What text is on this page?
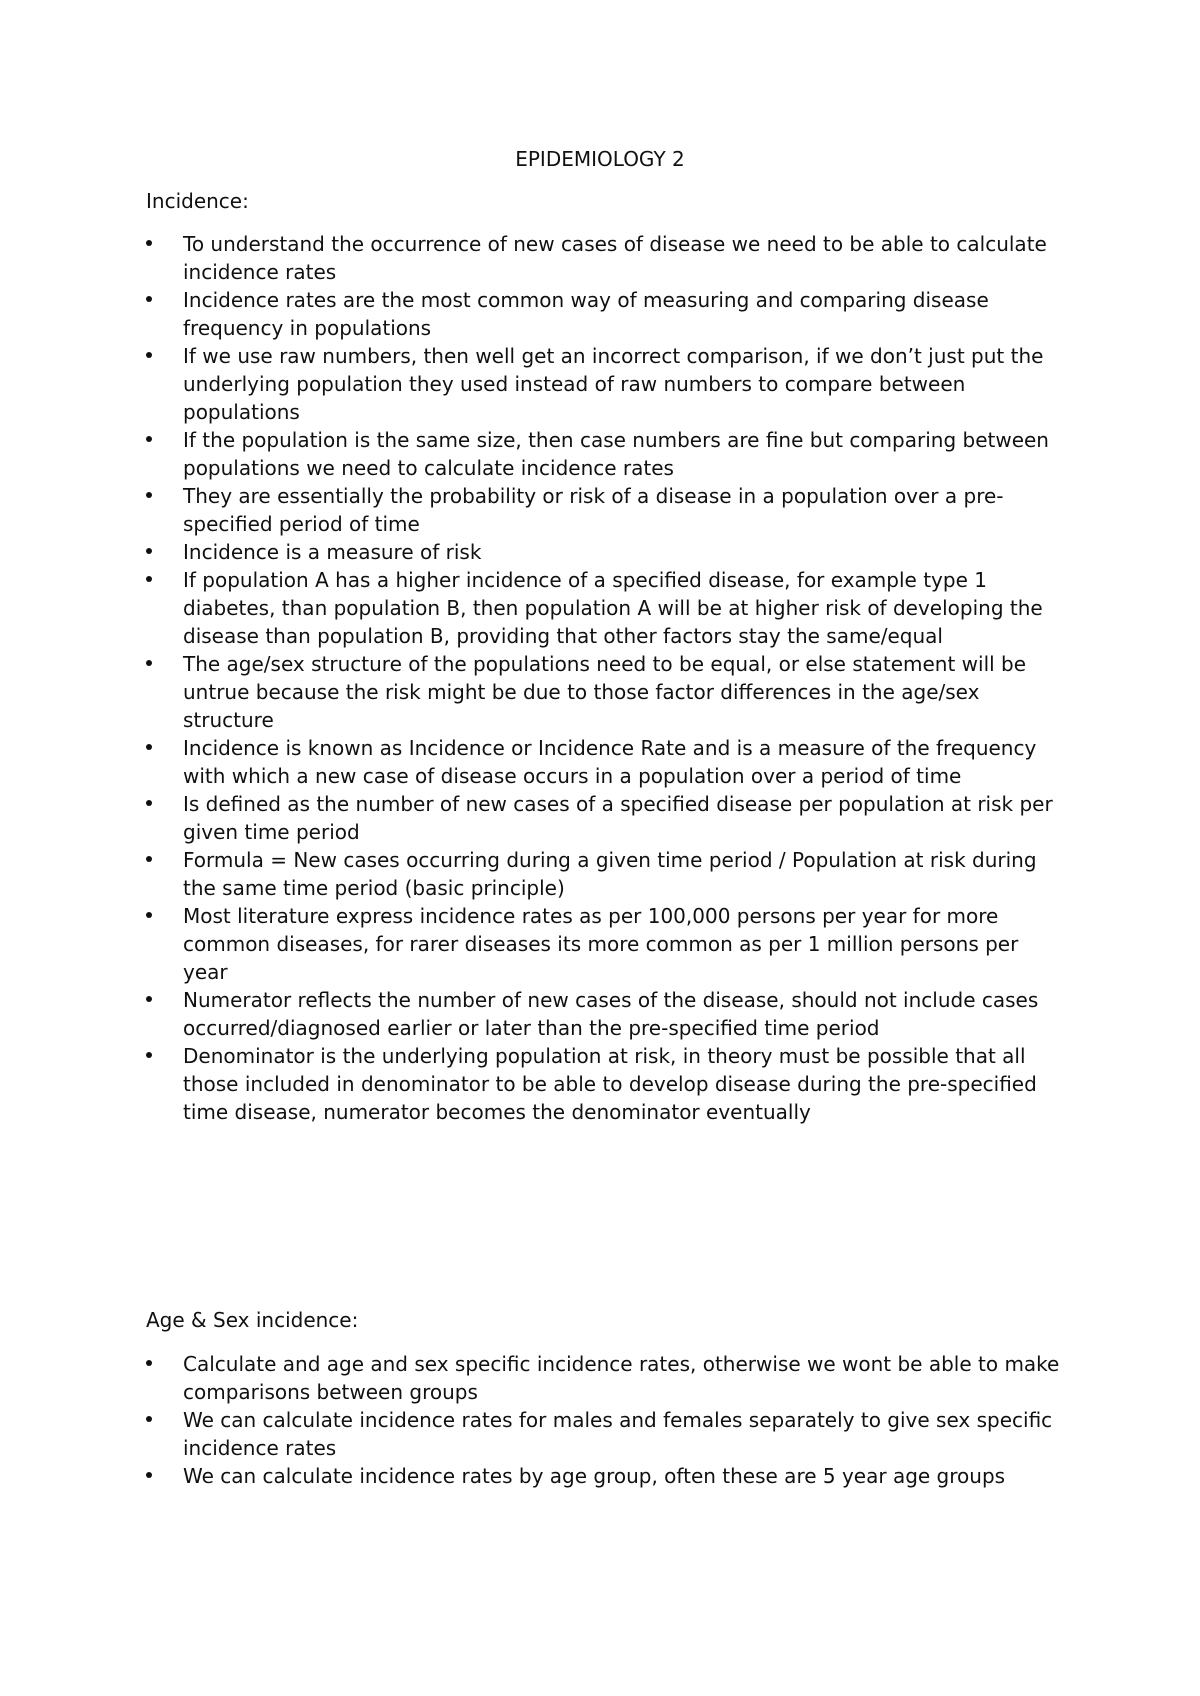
EPIDEMIOLOGY 2
Incidence:
To understand the occurrence of new cases of disease we need to be able to calculate incidence rates
Incidence rates are the most common way of measuring and comparing disease frequency in populations
If we use raw numbers, then well get an incorrect comparison, if we don’t just put the underlying population they used instead of raw numbers to compare between populations
If the population is the same size, then case numbers are fine but comparing between populations we need to calculate incidence rates
They are essentially the probability or risk of a disease in a population over a pre-specified period of time
Incidence is a measure of risk
If population A has a higher incidence of a specified disease, for example type 1 diabetes, than population B, then population A will be at higher risk of developing the disease than population B, providing that other factors stay the same/equal
The age/sex structure of the populations need to be equal, or else statement will be untrue because the risk might be due to those factor differences in the age/sex structure
Incidence is known as Incidence or Incidence Rate and is a measure of the frequency with which a new case of disease occurs in a population over a period of time
Is defined as the number of new cases of a specified disease per population at risk per given time period
Formula = New cases occurring during a given time period / Population at risk during the same time period (basic principle)
Most literature express incidence rates as per 100,000 persons per year for more common diseases, for rarer diseases its more common as per 1 million persons per year
Numerator reflects the number of new cases of the disease, should not include cases occurred/diagnosed earlier or later than the pre-specified time period
Denominator is the underlying population at risk, in theory must be possible that all those included in denominator to be able to develop disease during the pre-specified time disease, numerator becomes the denominator eventually
Age & Sex incidence:
Calculate and age and sex specific incidence rates, otherwise we wont be able to make comparisons between groups
We can calculate incidence rates for males and females separately to give sex specific incidence rates
We can calculate incidence rates by age group, often these are 5 year age groups
